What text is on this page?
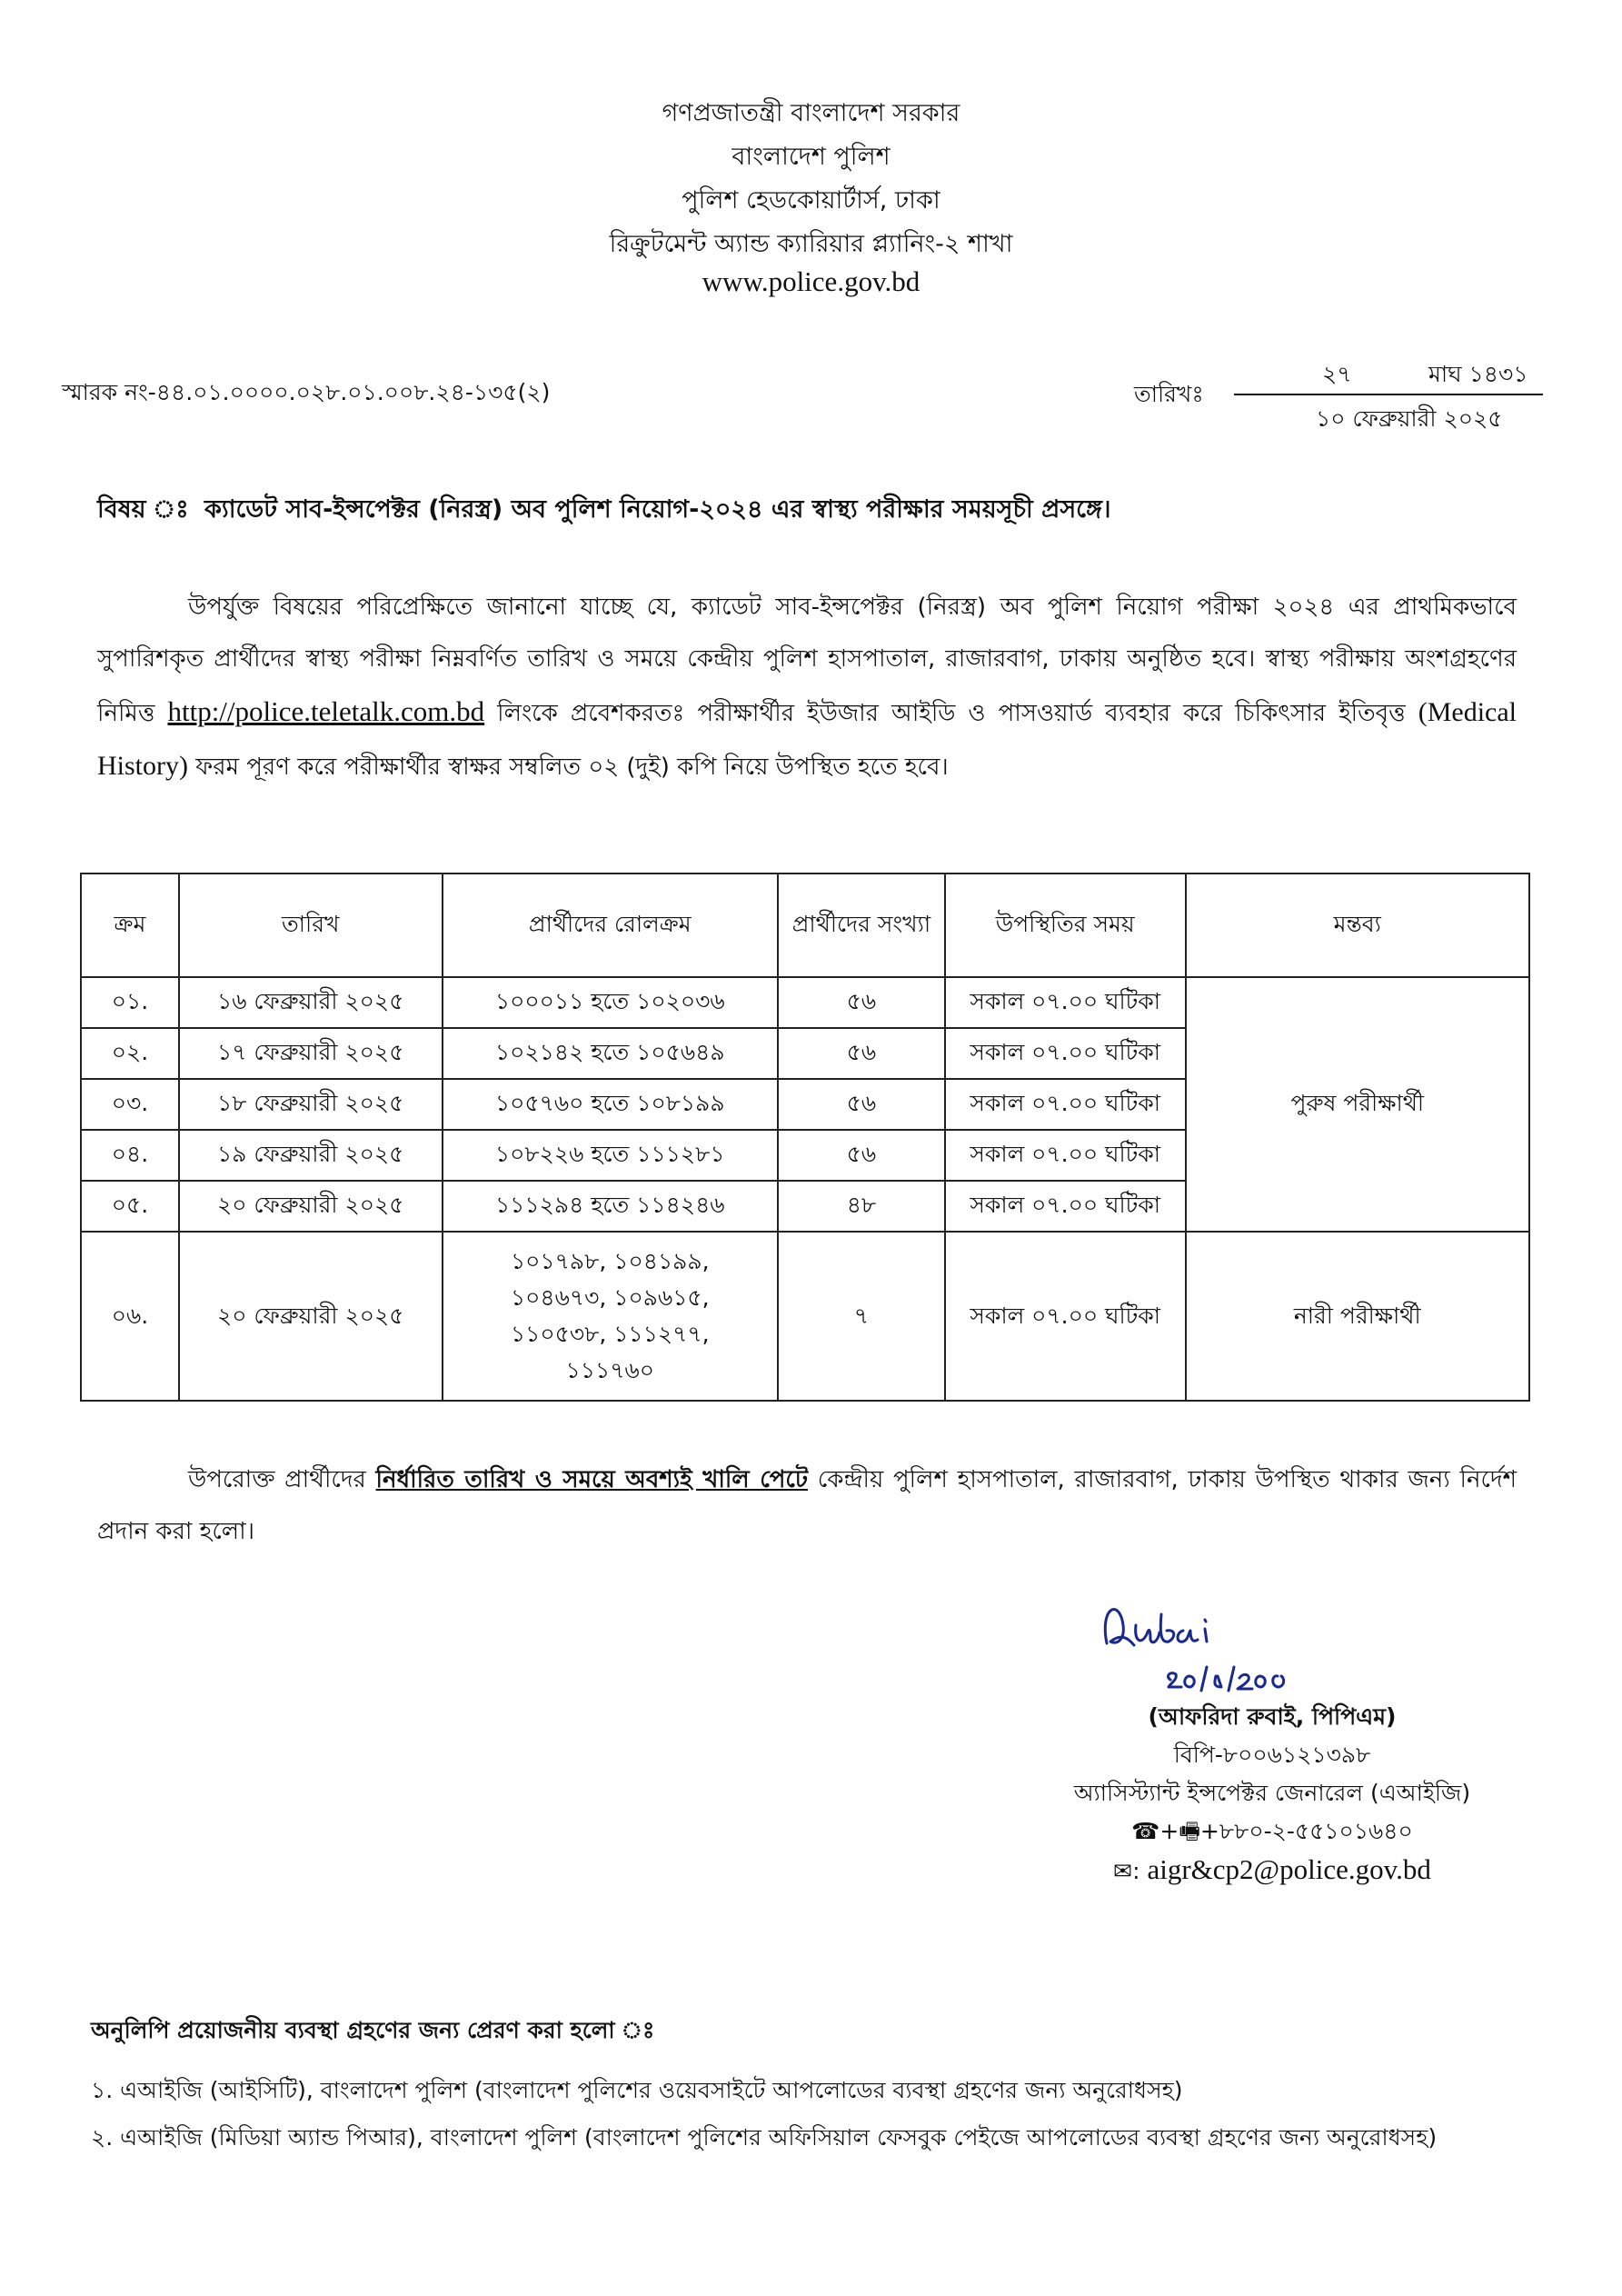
গণপ্রজাতন্ত্রী বাংলাদেশ সরকার
বাংলাদেশ পুলিশ
পুলিশ হেডকোয়ার্টার্স, ঢাকা
রিক্রুটমেন্ট অ্যান্ড ক্যারিয়ার প্ল্যানিং-২ শাখা
www.police.gov.bd
স্মারক নং-৪৪.০১.০০০০.০২৮.০১.০০৮.২৪-১৩৫(২)	তারিখঃ
২৭	মাঘ ১৪৩১
১০ ফেব্রুয়ারী ২০২৫
বিষয় ঃ ক্যাডেট সাব-ইন্সপেক্টর (নিরস্ত্র) অব পুলিশ নিয়োগ-২০২৪ এর স্বাস্থ্য পরীক্ষার সময়সূচী প্রসঙ্গে।

উপর্যুক্ত বিষয়ের পরিপ্রেক্ষিতে জানানো যাচ্ছে যে, ক্যাডেট সাব-ইন্সপেক্টর (নিরস্ত্র) অব পুলিশ নিয়োগ পরীক্ষা ২০২৪ এর প্রাথমিকভাবে সুপারিশকৃত প্রার্থীদের স্বাস্থ্য পরীক্ষা নিম্নবর্ণিত তারিখ ও সময়ে কেন্দ্রীয় পুলিশ হাসপাতাল, রাজারবাগ, ঢাকায় অনুষ্ঠিত হবে। স্বাস্থ্য পরীক্ষায় অংশগ্রহণের নিমিত্ত http://police.teletalk.com.bd লিংকে প্রবেশকরতঃ পরীক্ষার্থীর ইউজার আইডি ও পাসওয়ার্ড ব্যবহার করে চিকিৎসার ইতিবৃত্ত (Medical History) ফরম পূরণ করে পরীক্ষার্থীর স্বাক্ষর সম্বলিত ০২ (দুই) কপি নিয়ে উপস্থিত হতে হবে।

ক্রম	তারিখ	প্রার্থীদের রোলক্রম	প্রার্থীদের সংখ্যা	উপস্থিতির সময়	মন্তব্য
০১.	১৬ ফেব্রুয়ারী ২০২৫	১০০০১১ হতে ১০২০৩৬	৫৬	সকাল ০৭.০০ ঘটিকা	পুরুষ পরীক্ষার্থী
০২.	১৭ ফেব্রুয়ারী ২০২৫	১০২১৪২ হতে ১০৫৬৪৯	৫৬	সকাল ০৭.০০ ঘটিকা	
০৩.	১৮ ফেব্রুয়ারী ২০২৫	১০৫৭৬০ হতে ১০৮১৯৯	৫৬	সকাল ০৭.০০ ঘটিকা	
০৪.	১৯ ফেব্রুয়ারী ২০২৫	১০৮২২৬ হতে ১১১২৮১	৫৬	সকাল ০৭.০০ ঘটিকা	
০৫.	২০ ফেব্রুয়ারী ২০২৫	১১১২৯৪ হতে ১১৪২৪৬	৪৮	সকাল ০৭.০০ ঘটিকা	
০৬.	২০ ফেব্রুয়ারী ২০২৫	১০১৭৯৮, ১০৪১৯৯,
১০৪৬৭৩, ১০৯৬১৫,
১১০৫৩৮, ১১১২৭৭,
১১১৭৬০	৭	সকাল ০৭.০০ ঘটিকা	নারী পরীক্ষার্থী

উপরোক্ত প্রার্থীদের নির্ধারিত তারিখ ও সময়ে অবশ্যই খালি পেটে কেন্দ্রীয় পুলিশ হাসপাতাল, রাজারবাগ, ঢাকায় উপস্থিত থাকার জন্য নির্দেশ প্রদান করা হলো।

(আফরিদা রুবাই, পিপিএম)
বিপি-৮০০৬১২১৩৯৮
অ্যাসিস্ট্যান্ট ইন্সপেক্টর জেনারেল (এআইজি)
☎+🖷+৮৮০-২-৫৫১০১৬৪০
✉: aigr&cp2@police.gov.bd
অনুলিপি প্রয়োজনীয় ব্যবস্থা গ্রহণের জন্য প্রেরণ করা হলো ঃ
১. এআইজি (আইসিটি), বাংলাদেশ পুলিশ (বাংলাদেশ পুলিশের ওয়েবসাইটে আপলোডের ব্যবস্থা গ্রহণের জন্য অনুরোধসহ)
২. এআইজি (মিডিয়া অ্যান্ড পিআর), বাংলাদেশ পুলিশ (বাংলাদেশ পুলিশের অফিসিয়াল ফেসবুক পেইজে আপলোডের ব্যবস্থা গ্রহণের জন্য অনুরোধসহ)
